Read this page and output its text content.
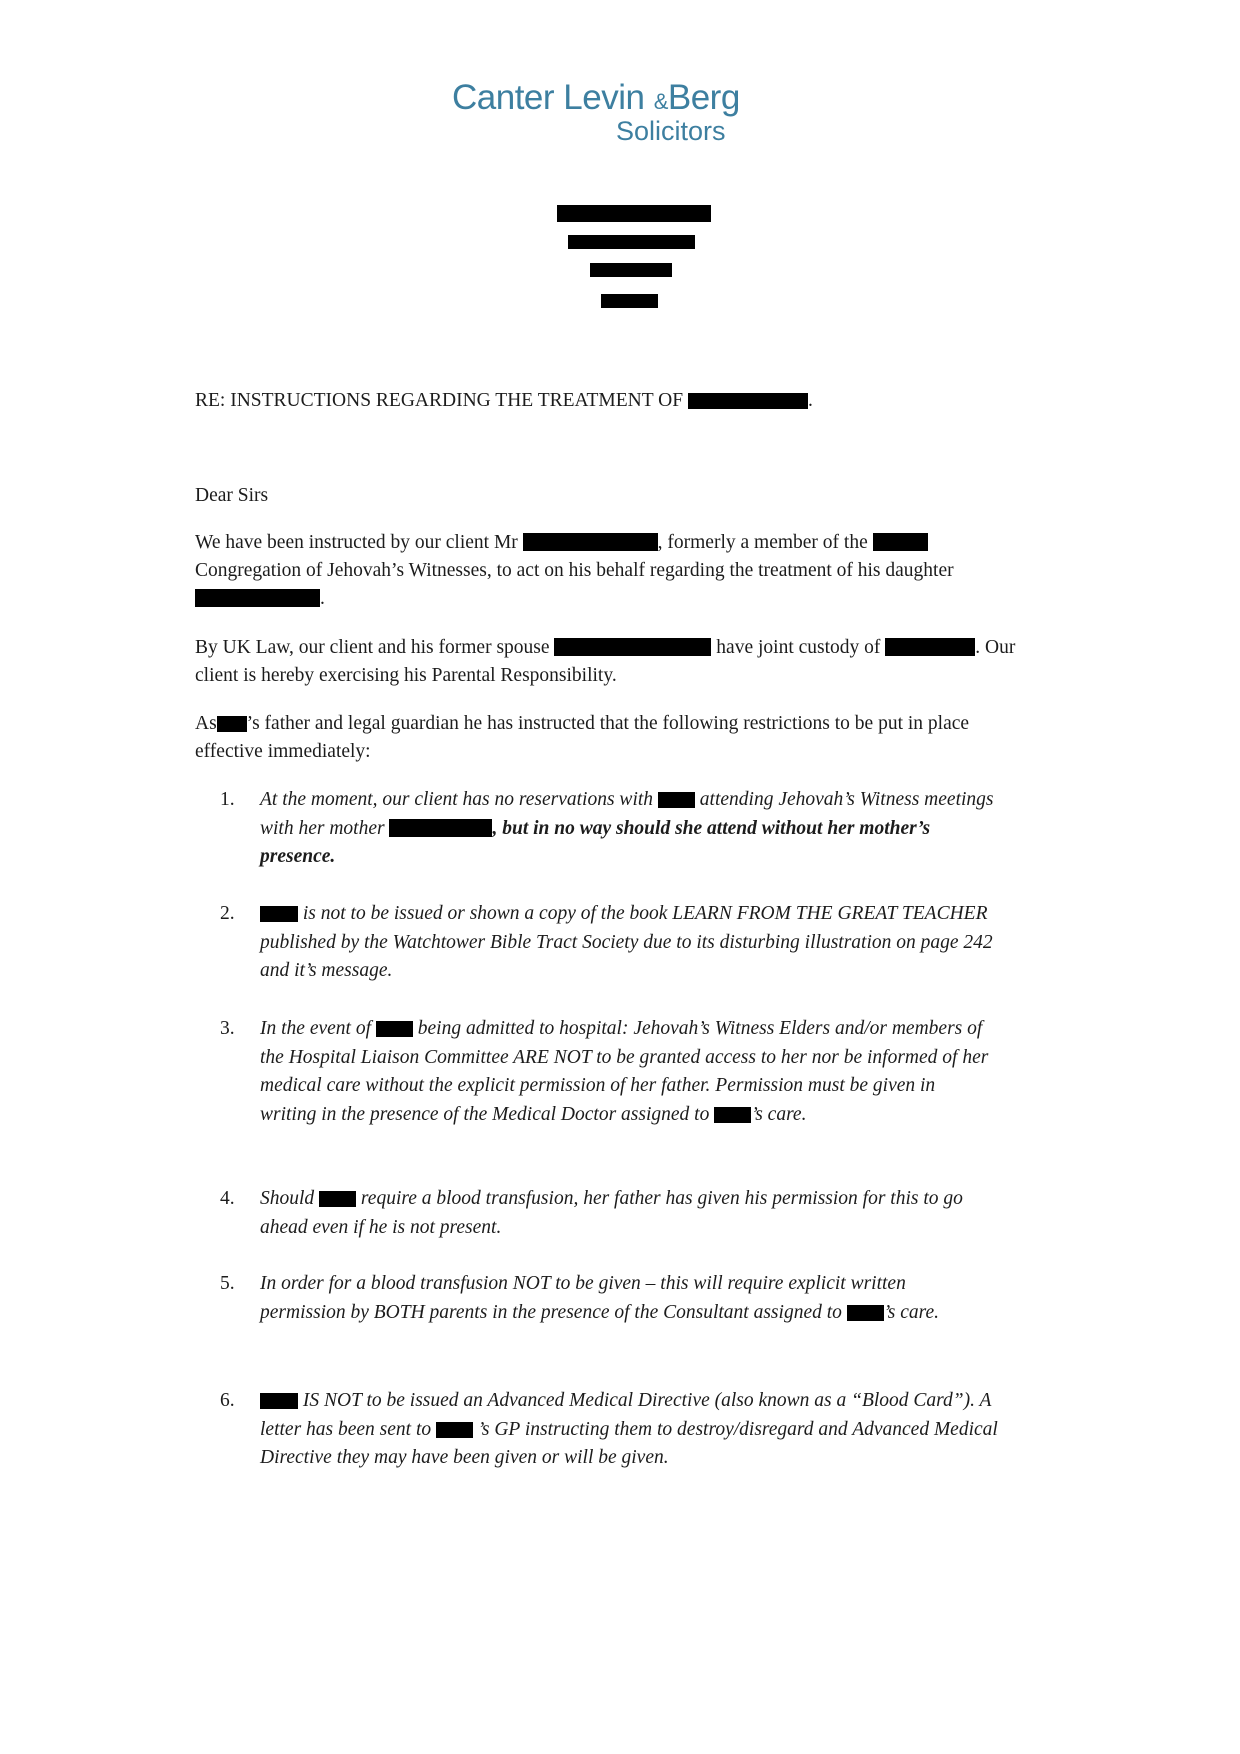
Canter Levin &Berg
Solicitors
RE: INSTRUCTIONS REGARDING THE TREATMENT OF	.
Dear Sirs
We have been instructed by our client Mr	, formerly a member of the
Congregation of Jehovah’s Witnesses, to act on his behalf regarding the treatment of his daughter
.
By UK Law, our client and his former spouse	have joint custody of	. Our
client is hereby exercising his Parental Responsibility.
As ’s father and legal guardian he has instructed that the following restrictions to be put in place
effective immediately:
1. At the moment, our client has no reservations with attending Jehovah’s Witness meetings
with her mother	, but in no way should she attend without her mother’s
presence.
2.	is not to be issued or shown a copy of the book LEARN FROM THE GREAT TEACHER
published by the Watchtower Bible Tract Society due to its disturbing illustration on page 242
and it’s message.
3. In the event of being admitted to hospital: Jehovah’s Witness Elders and/or members of
the Hospital Liaison Committee ARE NOT to be granted access to her nor be informed of her
medical care without the explicit permission of her father. Permission must be given in
writing in the presence of the Medical Doctor assigned to ’s care.
4. Should require a blood transfusion, her father has given his permission for this to go
ahead even if he is not present.
5. In order for a blood transfusion NOT to be given – this will require explicit written
permission by BOTH parents in the presence of the Consultant assigned to ’s care.
6.	IS NOT to be issued an Advanced Medical Directive (also known as a “Blood Card”). A
letter has been sent to ’s GP instructing them to destroy/disregard and Advanced Medical
Directive they may have been given or will be given.
